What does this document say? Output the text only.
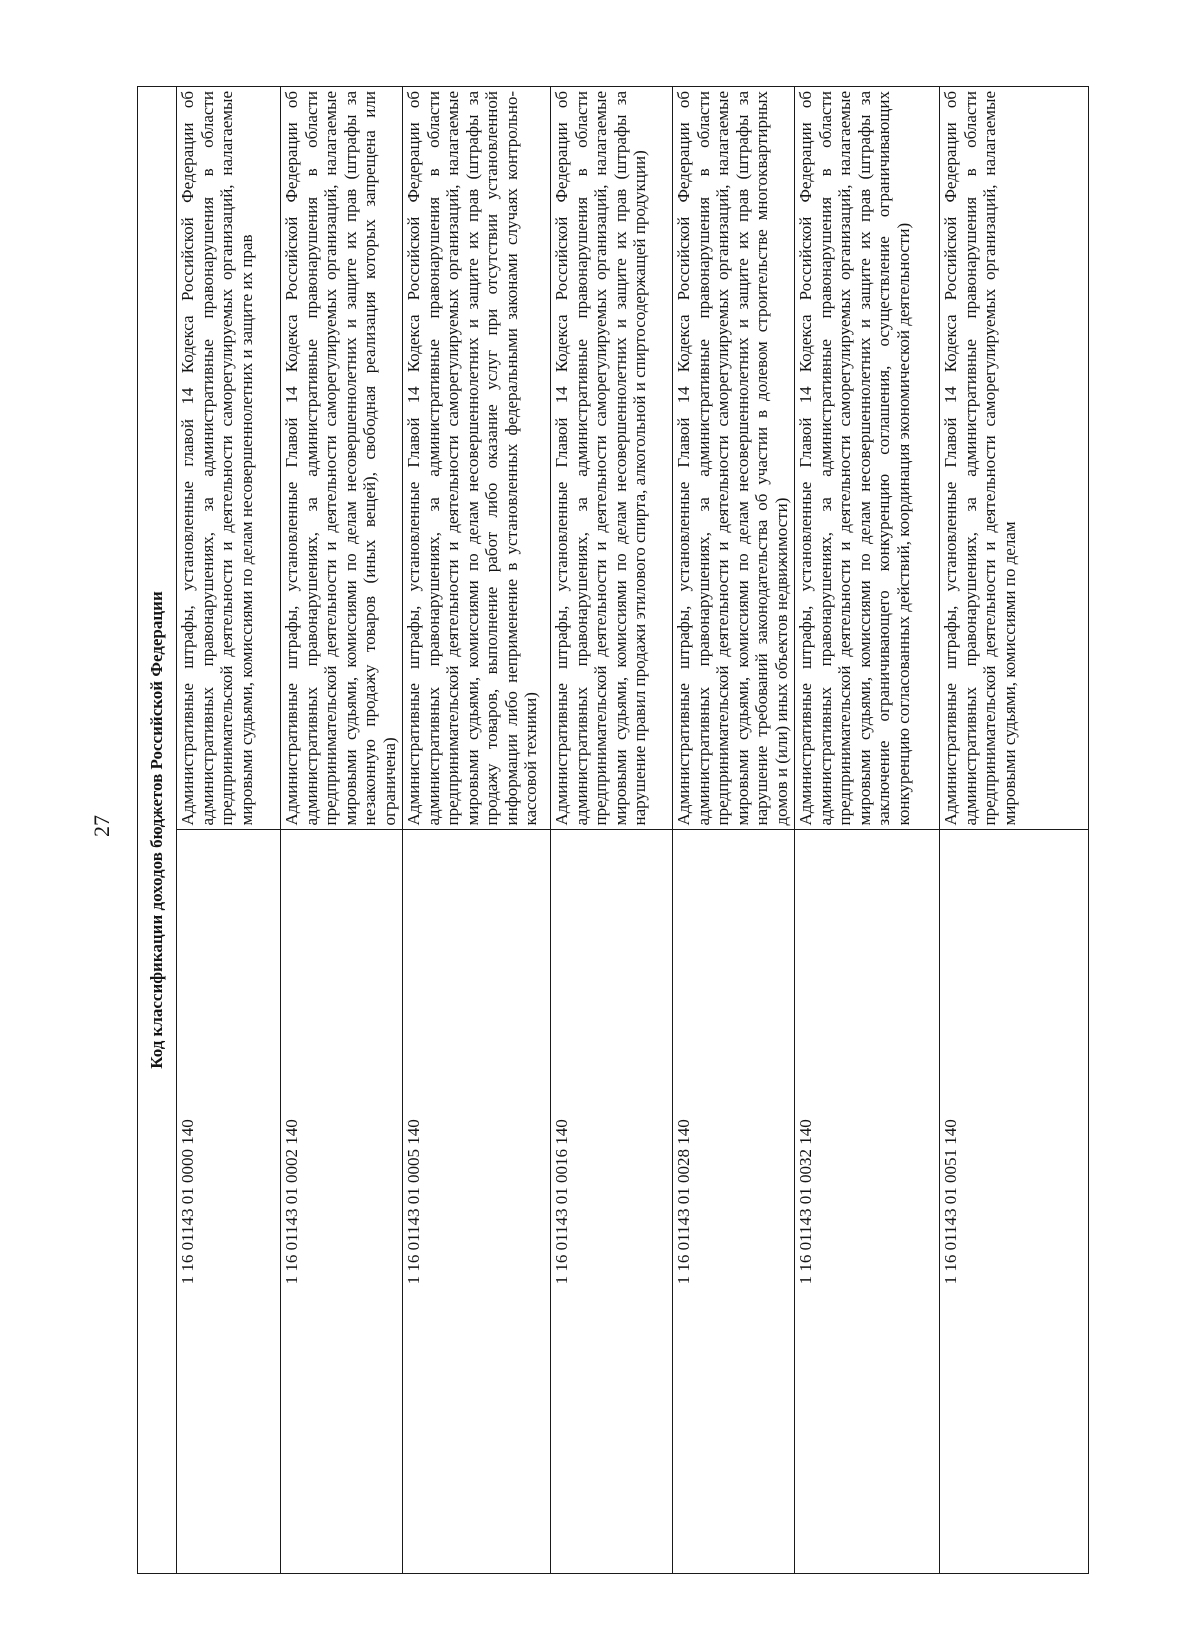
27 Код классификации доходов бюджетов Российской Федерации	
1 16 01143 01 0000 140	Административные штрафы, установленные главой 14 Кодекса Российской Федерации об административных правонарушениях, за административные правонарушения в области предпринимательской деятельности и деятельности саморегулируемых организаций, налагаемые мировыми судьями, комиссиями по делам несовершеннолетних и защите их прав
1 16 01143 01 0002 140	Административные штрафы, установленные Главой 14 Кодекса Российской Федерации об административных правонарушениях, за административные правонарушения в области предпринимательской деятельности и деятельности саморегулируемых организаций, налагаемые мировыми судьями, комиссиями по делам несовершеннолетних и защите их прав (штрафы за незаконную продажу товаров (иных вещей), свободная реализация которых запрещена или ограничена)
1 16 01143 01 0005 140	Административные штрафы, установленные Главой 14 Кодекса Российской Федерации об административных правонарушениях, за административные правонарушения в области предпринимательской деятельности и деятельности саморегулируемых организаций, налагаемые мировыми судьями, комиссиями по делам несовершеннолетних и защите их прав (штрафы за продажу товаров, выполнение работ либо оказание услуг при отсутствии установленной информации либо неприменение в установленных федеральными законами случаях контрольно-кассовой техники)
1 16 01143 01 0016 140	Административные штрафы, установленные Главой 14 Кодекса Российской Федерации об административных правонарушениях, за административные правонарушения в области предпринимательской деятельности и деятельности саморегулируемых организаций, налагаемые мировыми судьями, комиссиями по делам несовершеннолетних и защите их прав (штрафы за нарушение правил продажи этилового спирта, алкогольной и спиртосодержащей продукции)
1 16 01143 01 0028 140	Административные штрафы, установленные Главой 14 Кодекса Российской Федерации об административных правонарушениях, за административные правонарушения в области предпринимательской деятельности и деятельности саморегулируемых организаций, налагаемые мировыми судьями, комиссиями по делам несовершеннолетних и защите их прав (штрафы за нарушение требований законодательства об участии в долевом строительстве многоквартирных домов и (или) иных объектов недвижимости)
1 16 01143 01 0032 140	Административные штрафы, установленные Главой 14 Кодекса Российской Федерации об административных правонарушениях, за административные правонарушения в области предпринимательской деятельности и деятельности саморегулируемых организаций, налагаемые мировыми судьями, комиссиями по делам несовершеннолетних и защите их прав (штрафы за заключение ограничивающего конкуренцию соглашения, осуществление ограничивающих конкуренцию согласованных действий, координация экономической деятельности)
1 16 01143 01 0051 140	Административные штрафы, установленные Главой 14 Кодекса Российской Федерации об административных правонарушениях, за административные правонарушения в области предпринимательской деятельности и деятельности саморегулируемых организаций, налагаемые мировыми судьями, комиссиями по делам
